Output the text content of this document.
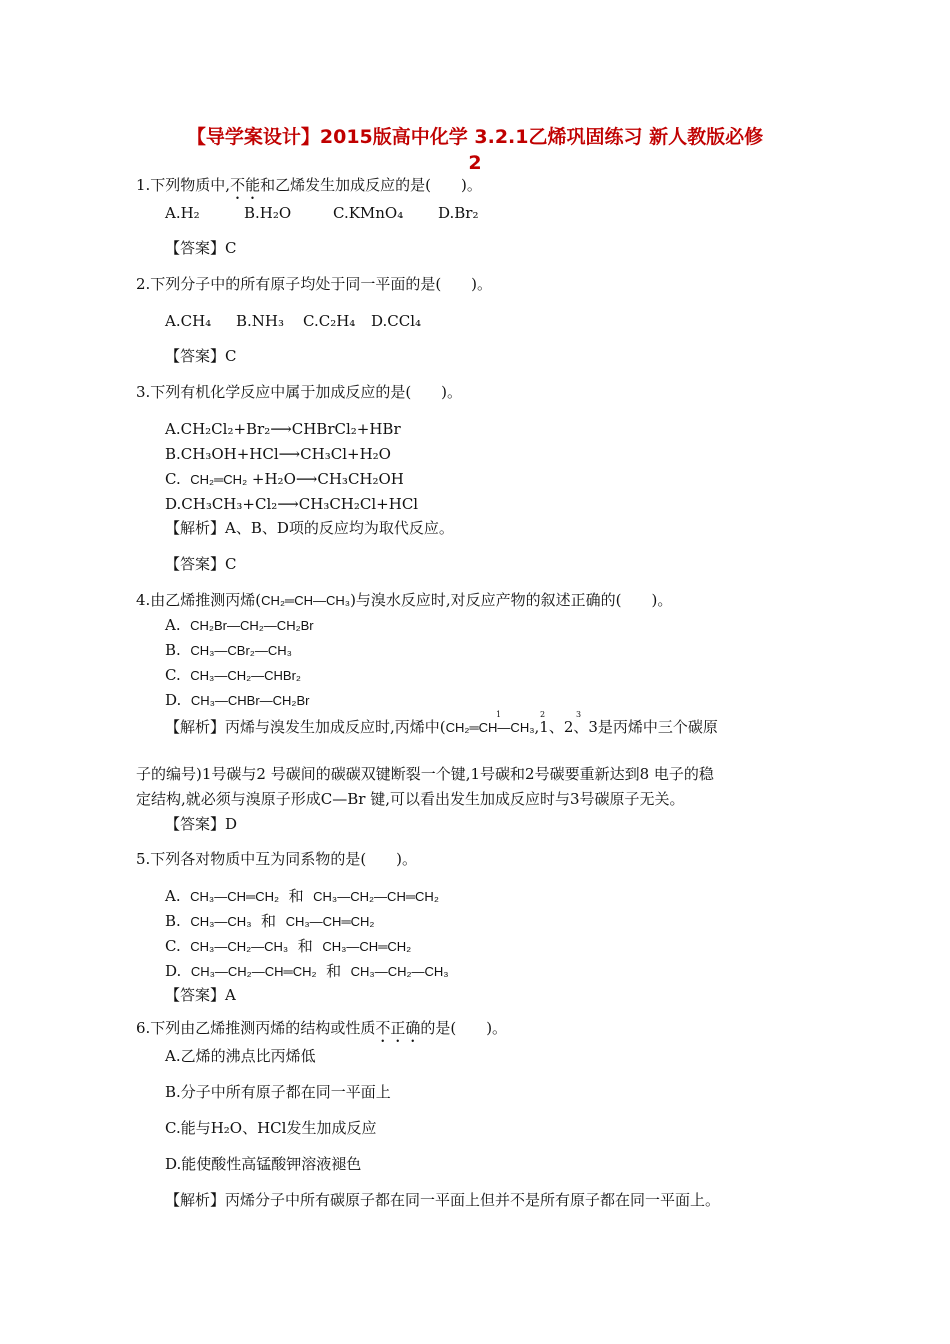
【导学案设计】2015版高中化学 3.2.1乙烯巩固练习 新人教版必修
2
1.下列物质中,不能和乙烯发生加成反应的是(　　)。
A.H₂	B.H₂O	C.KMnO₄ D.Br₂
【答案】C
2.下列分子中的所有原子均处于同一平面的是(　　)。
A.CH₄ B.NH₃ C.C₂H₄ D.CCl₄
【答案】C
3.下列有机化学反应中属于加成反应的是(　　)。
A.CH₂Cl₂+Br₂⟶CHBrCl₂+HBr
B.CH₃OH+HCl⟶CH₃Cl+H₂O
C. CH₂═CH₂ +H₂O⟶CH₃CH₂OH
D.CH₃CH₃+Cl₂⟶CH₃CH₂Cl+HCl
【解析】A、B、D项的反应均为取代反应。
【答案】C
4.由乙烯推测丙烯(CH₂═CH—CH₃)与溴水反应时,对反应产物的叙述正确的(　　)。
A. CH₂Br—CH₂—CH₂Br
B. CH₃—CBr₂—CH₃
C. CH₃—CH₂—CHBr₂
D. CH₃—CHBr—CH₂Br
【解析】丙烯与溴发生加成反应时,丙烯中(CH₂═CH—CH₃,1、2、3是丙烯中三个碳原
1	2	3
子的编号)1号碳与2 号碳间的碳碳双键断裂一个键,1号碳和2号碳要重新达到8 电子的稳
定结构,就必须与溴原子形成C—Br 键,可以看出发生加成反应时与3号碳原子无关。
【答案】D
5.下列各对物质中互为同系物的是(　　)。
A. CH₃—CH═CH₂ 和 CH₃—CH₂—CH═CH₂
B. CH₃—CH₃ 和 CH₃—CH═CH₂
C. CH₃—CH₂—CH₃ 和 CH₃—CH═CH₂
D. CH₃—CH₂—CH═CH₂ 和 CH₃—CH₂—CH₃
【答案】A
6.下列由乙烯推测丙烯的结构或性质不正确的是(　　)。
A.乙烯的沸点比丙烯低
B.分子中所有原子都在同一平面上
C.能与H₂O、HCl发生加成反应
D.能使酸性高锰酸钾溶液褪色
【解析】丙烯分子中所有碳原子都在同一平面上但并不是所有原子都在同一平面上。
